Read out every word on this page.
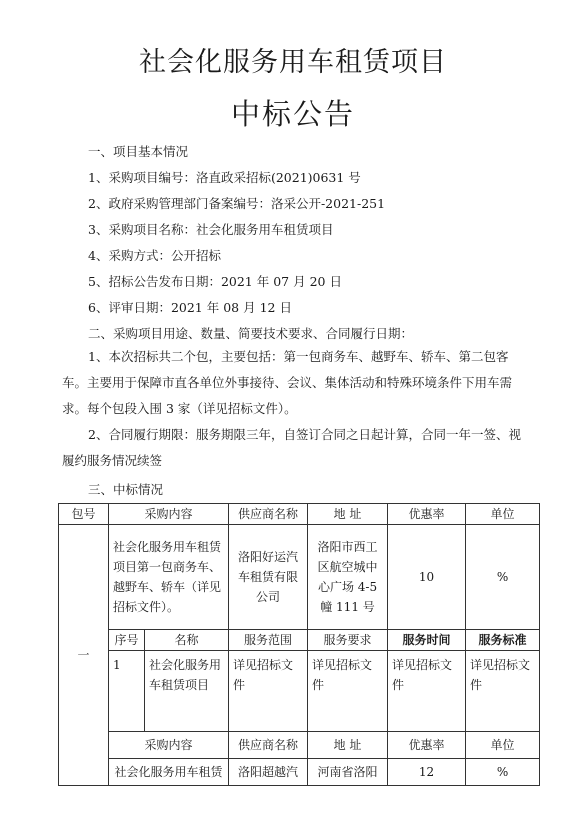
社会化服务用车租赁项目
中标公告
一、项目基本情况
1、采购项目编号：洛直政采招标(2021)0631 号
2、政府采购管理部门备案编号：洛采公开-2021-251
3、采购项目名称：社会化服务用车租赁项目
4、采购方式：公开招标
5、招标公告发布日期：2021 年 07 月 20 日
6、评审日期：2021 年 08 月 12 日
二、采购项目用途、数量、简要技术要求、合同履行日期：
1、本次招标共二个包，主要包括：第一包商务车、越野车、轿车、第二包客车。主要用于保障市直各单位外事接待、会议、集体活动和特殊环境条件下用车需求。每个包段入围 3 家（详见招标文件）。
2、合同履行期限：服务期限三年，自签订合同之日起计算，合同一年一签、视履约服务情况续签
三、中标情况
包号	采购内容		供应商名称	地 址	优惠率	单位
一	社会化服务用车租赁项目第一包商务车、越野车、轿车（详见招标文件）。		洛阳好运汽车租赁有限公司	洛阳市西工区航空城中心广场 4-5 幢 111 号	10	%
	序号	名称	服务范围	服务要求	服务时间	服务标准
	1	社会化服务用车租赁项目	详见招标文件	详见招标文件	详见招标文件	详见招标文件
	采购内容		供应商名称	地 址	优惠率	单位
	社会化服务用车租赁		洛阳超越汽	河南省洛阳	12	%
